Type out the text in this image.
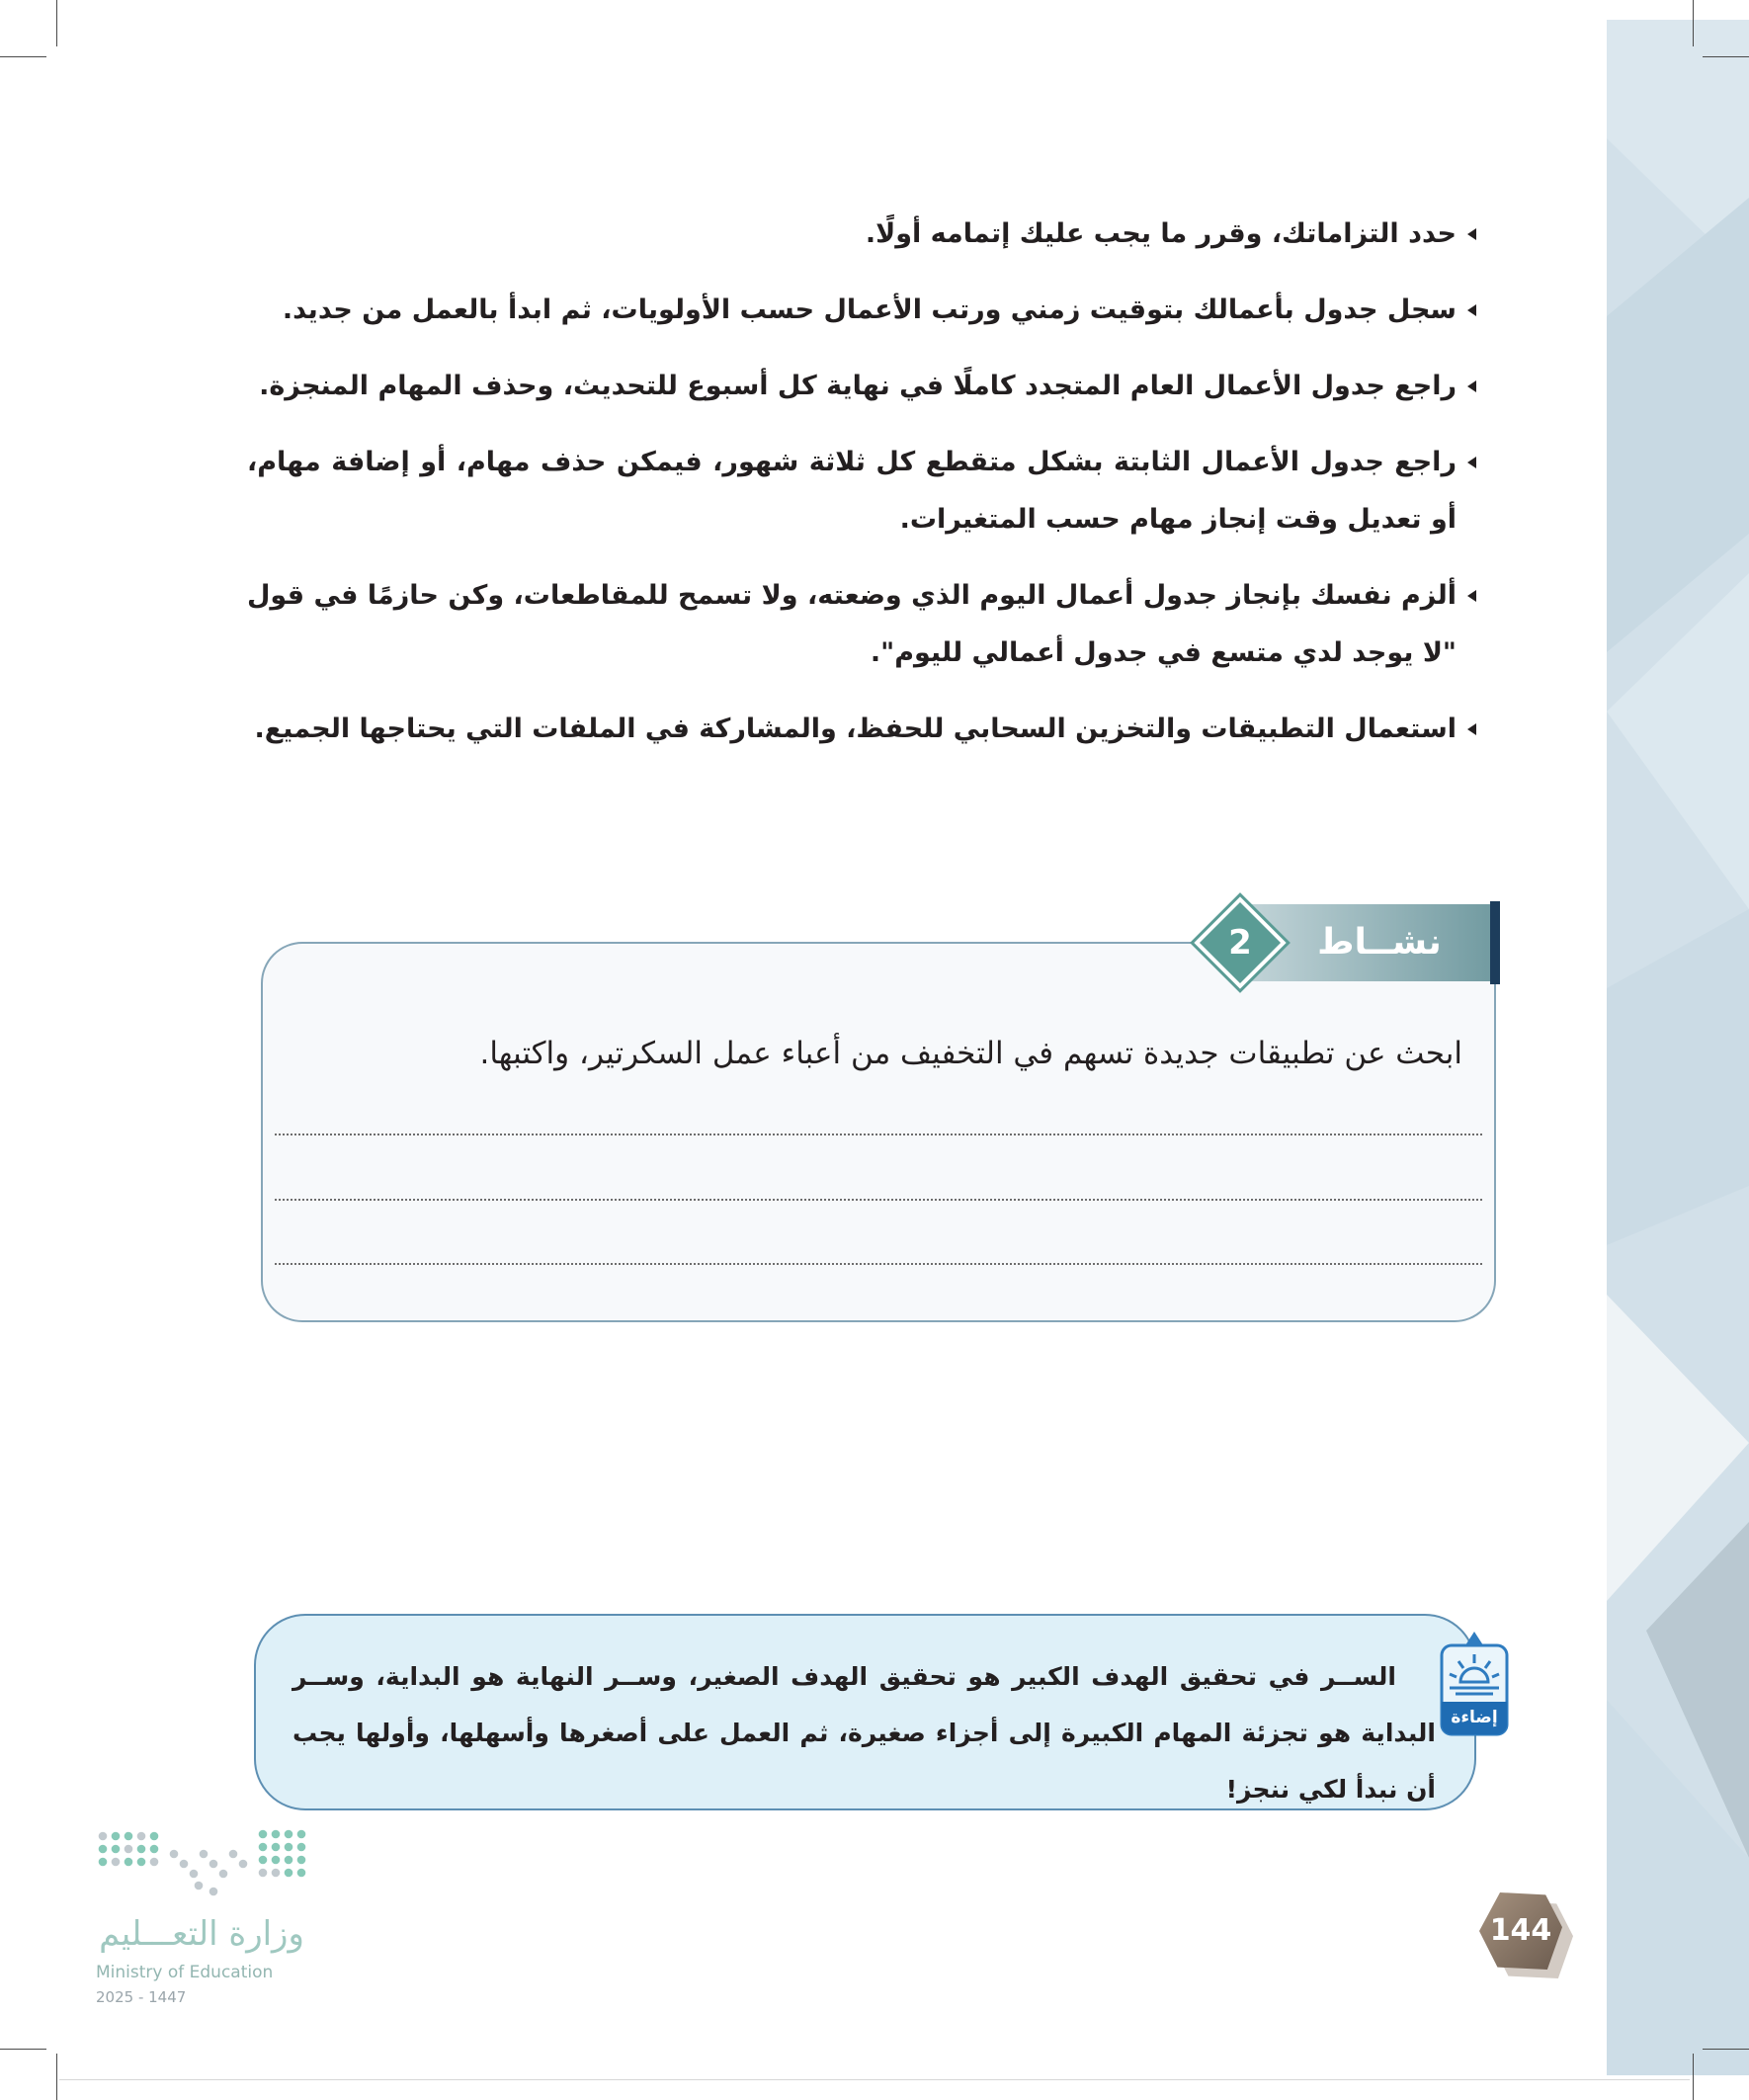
حدد التزاماتك، وقرر ما يجب عليك إتمامه أولًا.
سجل جدول بأعمالك بتوقيت زمني ورتب الأعمال حسب الأولويات، ثم ابدأ بالعمل من جديد.
راجع جدول الأعمال العام المتجدد كاملًا في نهاية كل أسبوع للتحديث، وحذف المهام المنجزة.
راجع جدول الأعمال الثابتة بشكل متقطع كل ثلاثة شهور، فيمكن حذف مهام، أو إضافة مهام، أو تعديل وقت إنجاز مهام حسب المتغيرات.
ألزم نفسك بإنجاز جدول أعمال اليوم الذي وضعته، ولا تسمح للمقاطعات، وكن حازمًا في قول "لا يوجد لدي متسع في جدول أعمالي لليوم".
استعمال التطبيقات والتخزين السحابي للحفظ، والمشاركة في الملفات التي يحتاجها الجميع.
2	نشــاط
ابحث عن تطبيقات جديدة تسهم في التخفيف من أعباء عمل السكرتير، واكتبها.
الســر في تحقيق الهدف الكبير هو تحقيق الهدف الصغير، وســر النهاية هو البداية، وســر البداية هو تجزئة المهام الكبيرة إلى أجزاء صغيرة، ثم العمل على أصغرها وأسهلها، وأولها يجب أن نبدأ لكي ننجز!
إضاءة
وزارة التعـــليم
Ministry of Education
2025 - 1447
144
